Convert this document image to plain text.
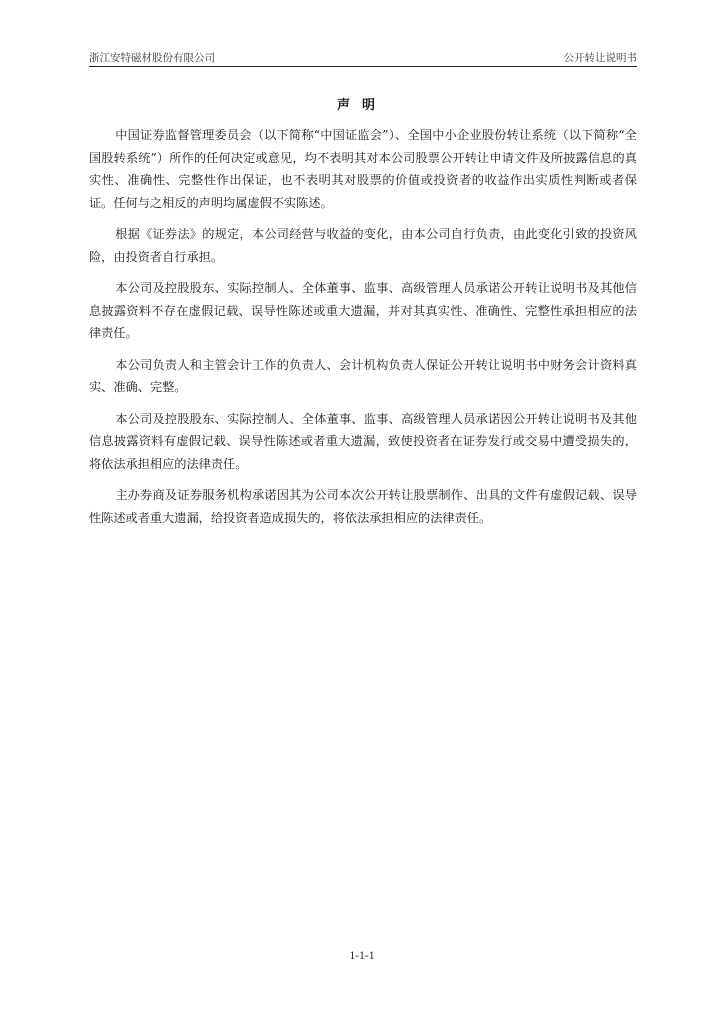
浙江安特磁材股份有限公司	公开转让说明书
声明

中国证券监督管理委员会（以下简称“中国证监会”）、全国中小企业股份转让系统（以下简称“全国股转系统”）所作的任何决定或意见，均不表明其对本公司股票公开转让申请文件及所披露信息的真实性、准确性、完整性作出保证，也不表明其对股票的价值或投资者的收益作出实质性判断或者保证。任何与之相反的声明均属虚假不实陈述。

根据《证券法》的规定，本公司经营与收益的变化，由本公司自行负责，由此变化引致的投资风险，由投资者自行承担。

本公司及控股股东、实际控制人、全体董事、监事、高级管理人员承诺公开转让说明书及其他信息披露资料不存在虚假记载、误导性陈述或重大遗漏，并对其真实性、准确性、完整性承担相应的法律责任。

本公司负责人和主管会计工作的负责人、会计机构负责人保证公开转让说明书中财务会计资料真实、准确、完整。

本公司及控股股东、实际控制人、全体董事、监事、高级管理人员承诺因公开转让说明书及其他信息披露资料有虚假记载、误导性陈述或者重大遗漏，致使投资者在证券发行或交易中遭受损失的，将依法承担相应的法律责任。

主办券商及证券服务机构承诺因其为公司本次公开转让股票制作、出具的文件有虚假记载、误导性陈述或者重大遗漏，给投资者造成损失的，将依法承担相应的法律责任。

1-1-1
